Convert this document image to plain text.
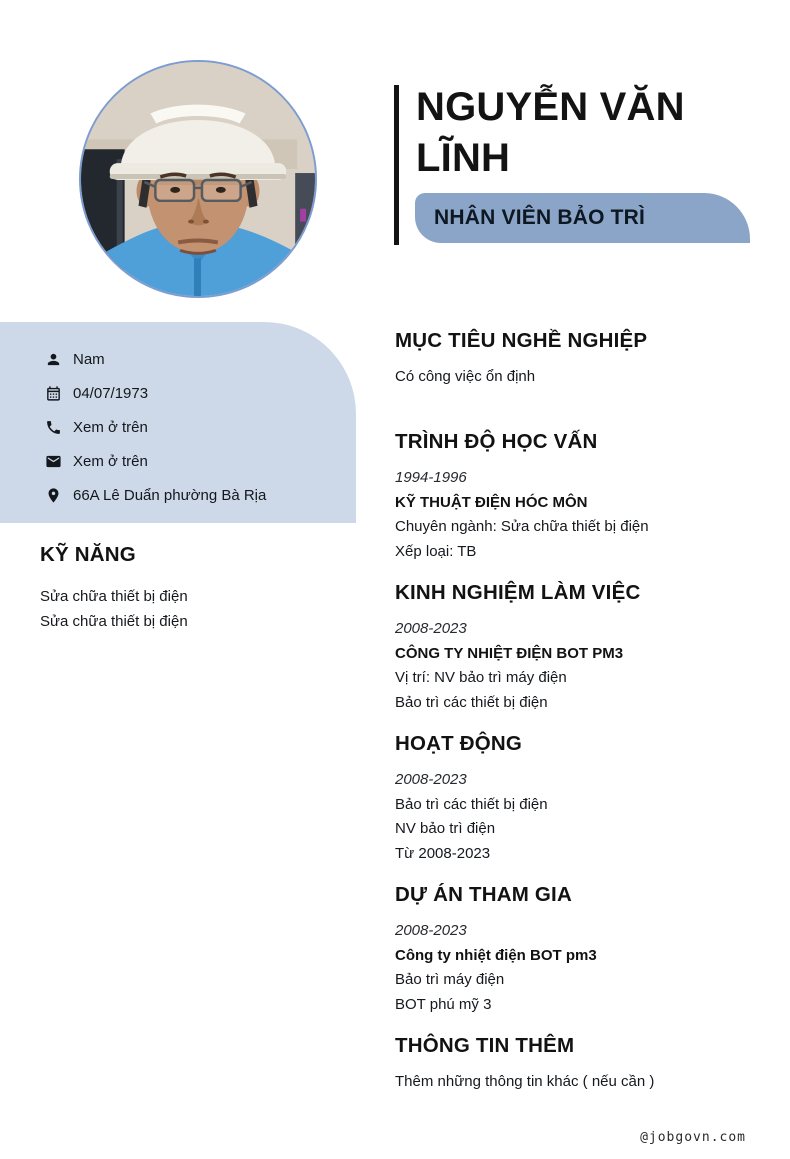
NGUYỄN VĂN LĨNH
NHÂN VIÊN BẢO TRÌ
Nam
04/07/1973
Xem ở trên
Xem ở trên
66A Lê Duẩn phường Bà Rịa
KỸ NĂNG
Sửa chữa thiết bị điện
Sửa chữa thiết bị điện
MỤC TIÊU NGHỀ NGHIỆP
Có công việc ổn định
TRÌNH ĐỘ HỌC VẤN
1994-1996
KỸ THUẬT ĐIỆN HÓC MÔN
Chuyên ngành: Sửa chữa thiết bị điện
Xếp loại: TB
KINH NGHIỆM LÀM VIỆC
2008-2023
CÔNG TY NHIỆT ĐIỆN BOT PM3
Vị trí: NV bảo trì máy điện
Bảo trì các thiết bị điện
HOẠT ĐỘNG
2008-2023
Bảo trì các thiết bị điện
NV bảo trì điện
Từ 2008-2023
DỰ ÁN THAM GIA
2008-2023
Công ty nhiệt điện BOT pm3
Bảo trì máy điện
BOT phú mỹ 3
THÔNG TIN THÊM
Thêm những thông tin khác ( nếu cần )
@jobgovn.com
